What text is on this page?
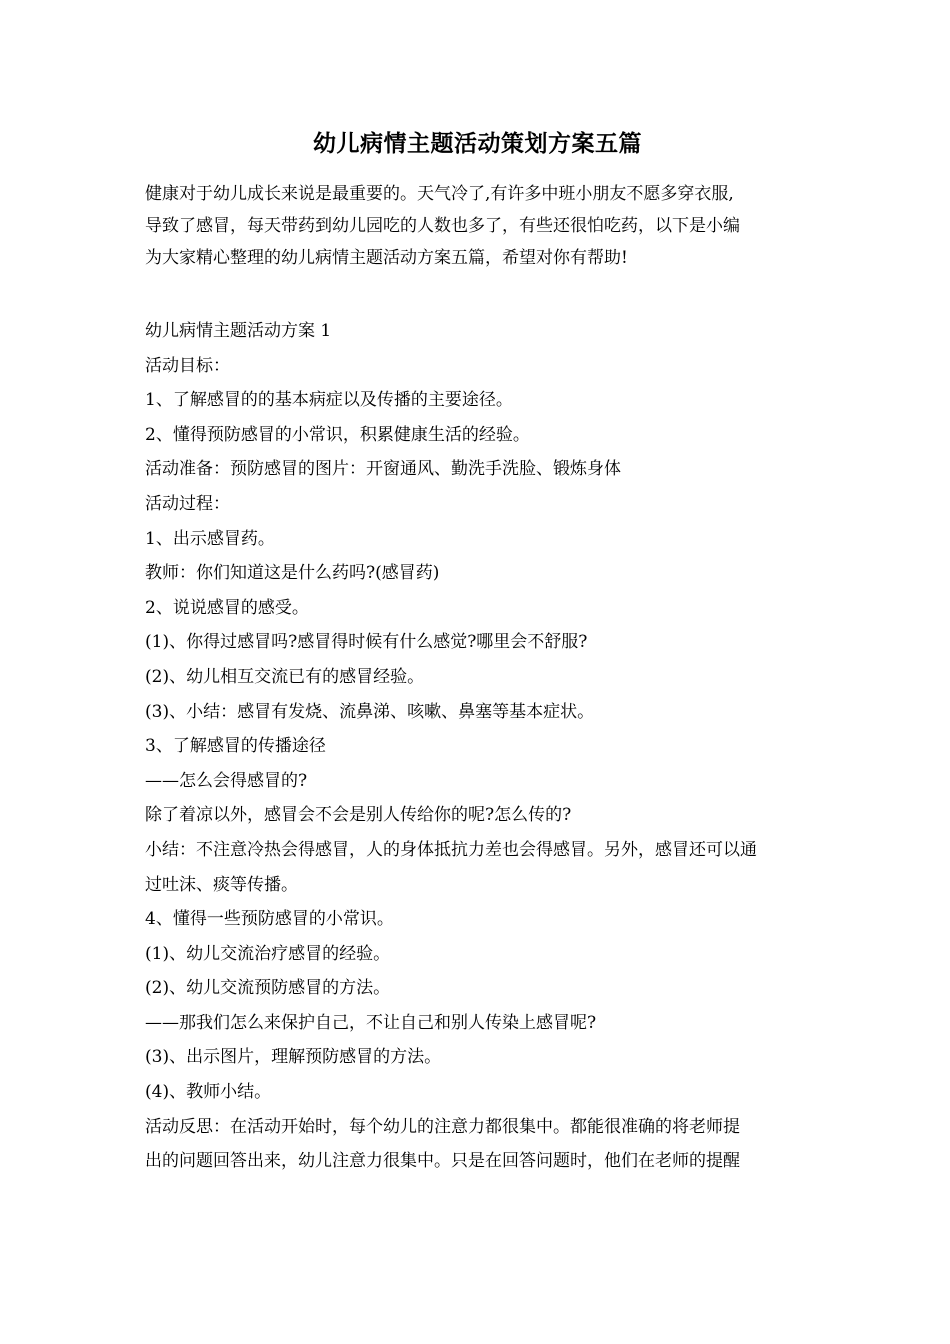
幼儿病情主题活动策划方案五篇

健康对于幼儿成长来说是最重要的。天气冷了,有许多中班小朋友不愿多穿衣服,

导致了感冒，每天带药到幼儿园吃的人数也多了，有些还很怕吃药，以下是小编

为大家精心整理的幼儿病情主题活动方案五篇，希望对你有帮助!

幼儿病情主题活动方案 1

活动目标：

1、了解感冒的的基本病症以及传播的主要途径。

2、懂得预防感冒的小常识，积累健康生活的经验。

活动准备：预防感冒的图片：开窗通风、勤洗手洗脸、锻炼身体

活动过程：

1、出示感冒药。

教师：你们知道这是什么药吗?(感冒药)

2、说说感冒的感受。

(1)、你得过感冒吗?感冒得时候有什么感觉?哪里会不舒服?

(2)、幼儿相互交流已有的感冒经验。

(3)、小结：感冒有发烧、流鼻涕、咳嗽、鼻塞等基本症状。

3、了解感冒的传播途径

——怎么会得感冒的?

除了着凉以外，感冒会不会是别人传给你的呢?怎么传的?

小结：不注意冷热会得感冒，人的身体抵抗力差也会得感冒。另外，感冒还可以通

过吐沫、痰等传播。

4、懂得一些预防感冒的小常识。

(1)、幼儿交流治疗感冒的经验。

(2)、幼儿交流预防感冒的方法。

——那我们怎么来保护自己，不让自己和别人传染上感冒呢?

(3)、出示图片，理解预防感冒的方法。

(4)、教师小结。

活动反思：在活动开始时，每个幼儿的注意力都很集中。都能很准确的将老师提

出的问题回答出来，幼儿注意力很集中。只是在回答问题时，他们在老师的提醒
